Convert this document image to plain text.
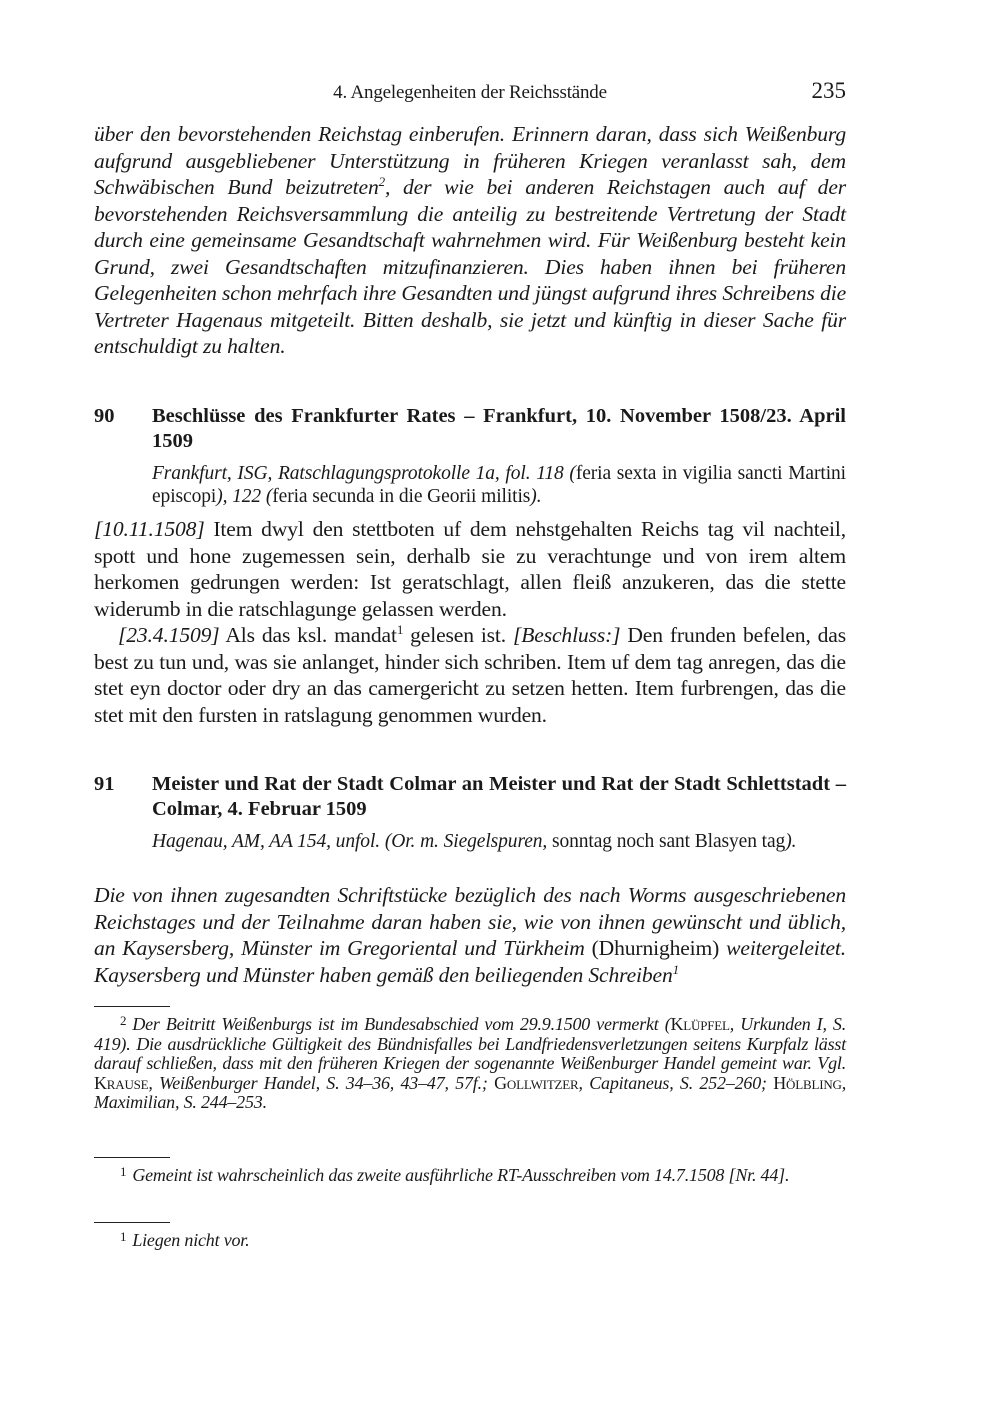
4. Angelegenheiten der Reichsstände	235

über den bevorstehenden Reichstag einberufen. Erinnern daran, dass sich Weißenburg aufgrund ausgebliebener Unterstützung in früheren Kriegen veranlasst sah, dem Schwäbischen Bund beizutreten$^2$, der wie bei anderen Reichstagen auch auf der bevorstehenden Reichsversammlung die anteilig zu bestreitende Vertretung der Stadt durch eine gemeinsame Gesandtschaft wahrnehmen wird. Für Weißenburg besteht kein Grund, zwei Gesandtschaften mitzufinanzieren. Dies haben ihnen bei früheren Gelegenheiten schon mehrfach ihre Gesandten und jüngst aufgrund ihres Schreibens die Vertreter Hagenaus mitgeteilt. Bitten deshalb, sie jetzt und künftig in dieser Sache für entschuldigt zu halten.

90	Beschlüsse des Frankfurter Rates – Frankfurt, 10. November 1508/23. April 1509
Frankfurt, ISG, Ratschlagungsprotokolle 1a, fol. 118 (feria sexta in vigilia sancti Martini episcopi), 122 (feria secunda in die Georii militis).

[10.11.1508] Item dwyl den stettboten uf dem nehstgehalten Reichs tag vil nachteil, spott und hone zugemessen sein, derhalb sie zu verachtunge und von irem altem herkomen gedrungen werden: Ist geratschlagt, allen fleiß anzukeren, das die stette widerumb in die ratschlagunge gelassen werden.

[23.4.1509] Als das ksl. mandat$^1$ gelesen ist. [Beschluss:] Den frunden befelen, das best zu tun und, was sie anlanget, hinder sich schriben. Item uf dem tag anregen, das die stet eyn doctor oder dry an das camergericht zu setzen hetten. Item furbrengen, das die stet mit den fursten in ratslagung genommen wurden.

91	Meister und Rat der Stadt Colmar an Meister und Rat der Stadt Schlettstadt – Colmar, 4. Februar 1509
Hagenau, AM, AA 154, unfol. (Or. m. Siegelspuren, sonntag noch sant Blasyen tag).

Die von ihnen zugesandten Schriftstücke bezüglich des nach Worms ausgeschriebenen Reichstages und der Teilnahme daran haben sie, wie von ihnen gewünscht und üblich, an Kaysersberg, Münster im Gregoriental und Türkheim (Dhurnigheim) weitergeleitet. Kaysersberg und Münster haben gemäß den beiliegenden Schreiben$^1$

$^2$ Der Beitritt Weißenburgs ist im Bundesabschied vom 29.9.1500 vermerkt (Klüpfel, Urkunden I, S. 419). Die ausdrückliche Gültigkeit des Bündnisfalles bei Landfriedensverletzungen seitens Kurpfalz lässt darauf schließen, dass mit den früheren Kriegen der sogenannte Weißenburger Handel gemeint war. Vgl. Krause, Weißenburger Handel, S. 34–36, 43–47, 57f.; Gollwitzer, Capitaneus, S. 252–260; Hölbling, Maximilian, S. 244–253.

$^1$ Gemeint ist wahrscheinlich das zweite ausführliche RT-Ausschreiben vom 14.7.1508 [Nr. 44].

$^1$ Liegen nicht vor.
